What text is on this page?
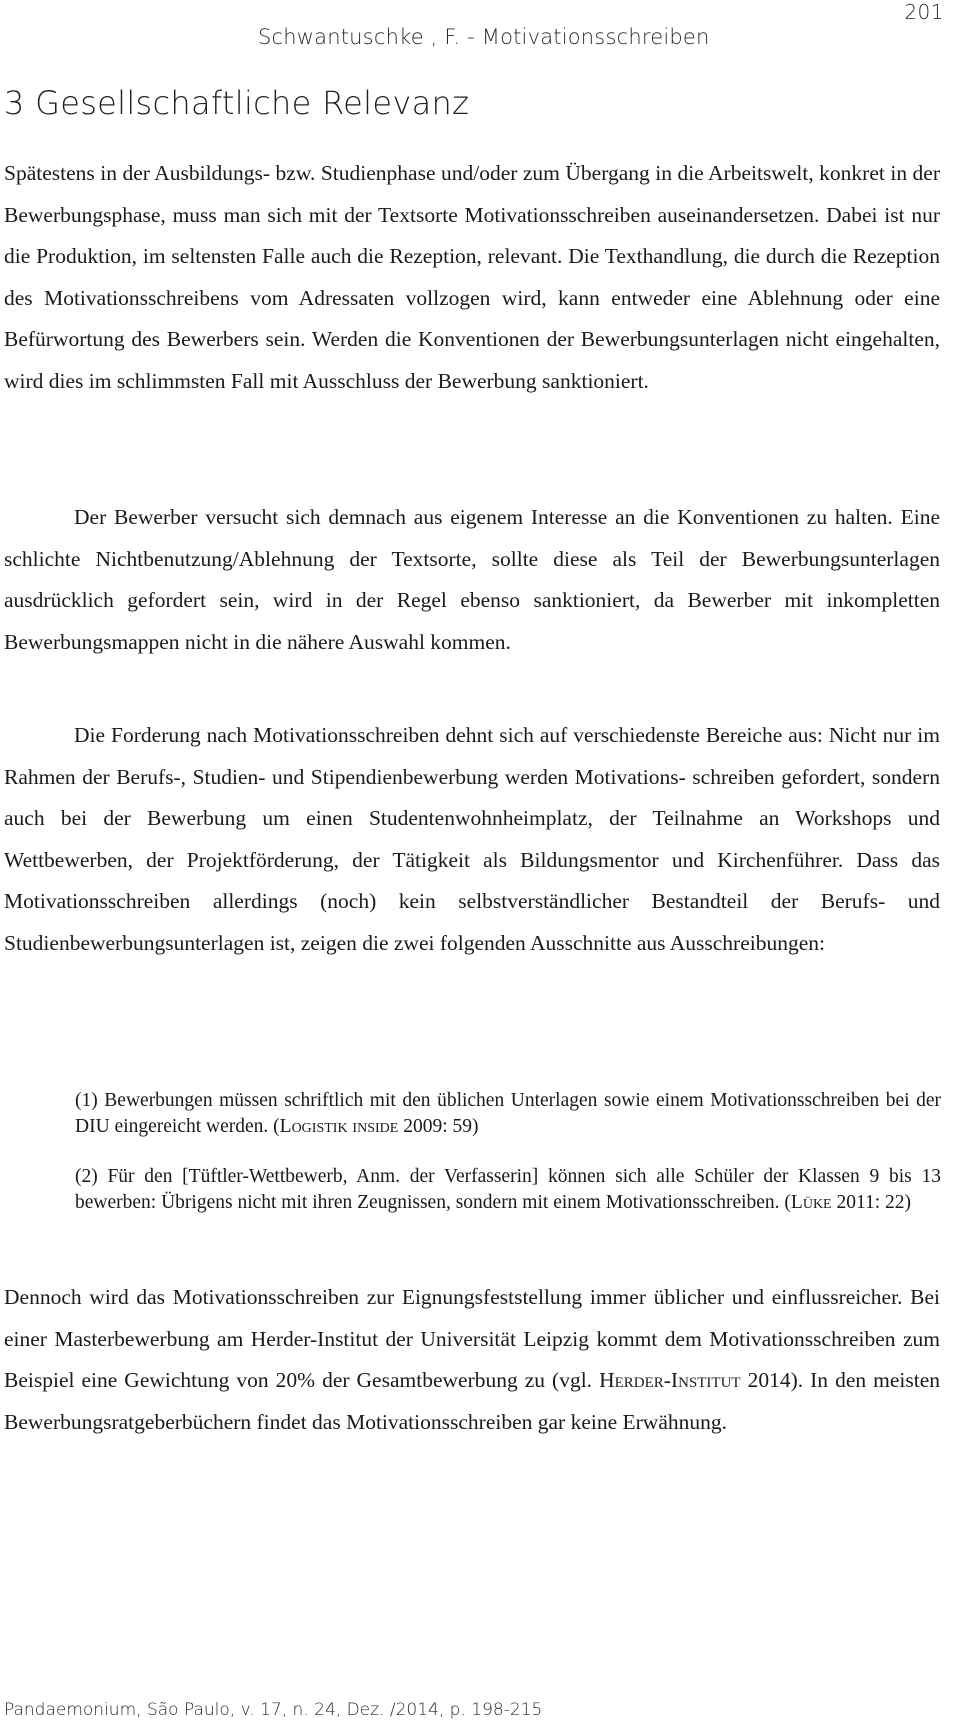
201
Schwantuschke , F. - Motivationsschreiben
3 Gesellschaftliche Relevanz

Spätestens in der Ausbildungs- bzw. Studienphase und/oder zum Übergang in die Arbeitswelt, konkret in der Bewerbungsphase, muss man sich mit der Textsorte Motivationsschreiben auseinandersetzen. Dabei ist nur die Produktion, im seltensten Falle auch die Rezeption, relevant. Die Texthandlung, die durch die Rezeption des Motivationsschreibens vom Adressaten vollzogen wird, kann entweder eine Ablehnung oder eine Befürwortung des Bewerbers sein. Werden die Konventionen der Bewerbungsunterlagen nicht eingehalten, wird dies im schlimmsten Fall mit Ausschluss der Bewerbung sanktioniert.

Der Bewerber versucht sich demnach aus eigenem Interesse an die Konventionen zu halten. Eine schlichte Nichtbenutzung/Ablehnung der Textsorte, sollte diese als Teil der Bewerbungsunterlagen ausdrücklich gefordert sein, wird in der Regel ebenso sanktioniert, da Bewerber mit inkompletten Bewerbungsmappen nicht in die nähere Auswahl kommen.

Die Forderung nach Motivationsschreiben dehnt sich auf verschiedenste Bereiche aus: Nicht nur im Rahmen der Berufs-, Studien- und Stipendienbewerbung werden Motivations- schreiben gefordert, sondern auch bei der Bewerbung um einen Studentenwohnheimplatz, der Teilnahme an Workshops und Wettbewerben, der Projektförderung, der Tätigkeit als Bildungsmentor und Kirchenführer. Dass das Motivationsschreiben allerdings (noch) kein selbstverständlicher Bestandteil der Berufs- und Studienbewerbungsunterlagen ist, zeigen die zwei folgenden Ausschnitte aus Ausschreibungen:

(1) Bewerbungen müssen schriftlich mit den üblichen Unterlagen sowie einem Motivationsschreiben bei der DIU eingereicht werden. (Logistik inside 2009: 59)

(2) Für den [Tüftler-Wettbewerb, Anm. der Verfasserin] können sich alle Schüler der Klassen 9 bis 13 bewerben: Übrigens nicht mit ihren Zeugnissen, sondern mit einem Motivationsschreiben. (Lüke 2011: 22)

Dennoch wird das Motivationsschreiben zur Eignungsfeststellung immer üblicher und einflussreicher. Bei einer Masterbewerbung am Herder-Institut der Universität Leipzig kommt dem Motivationsschreiben zum Beispiel eine Gewichtung von 20% der Gesamtbewerbung zu (vgl. Herder-Institut 2014). In den meisten Bewerbungsratgeberbüchern findet das Motivationsschreiben gar keine Erwähnung.

Pandaemonium, São Paulo, v. 17, n. 24, Dez. /2014, p. 198-215
